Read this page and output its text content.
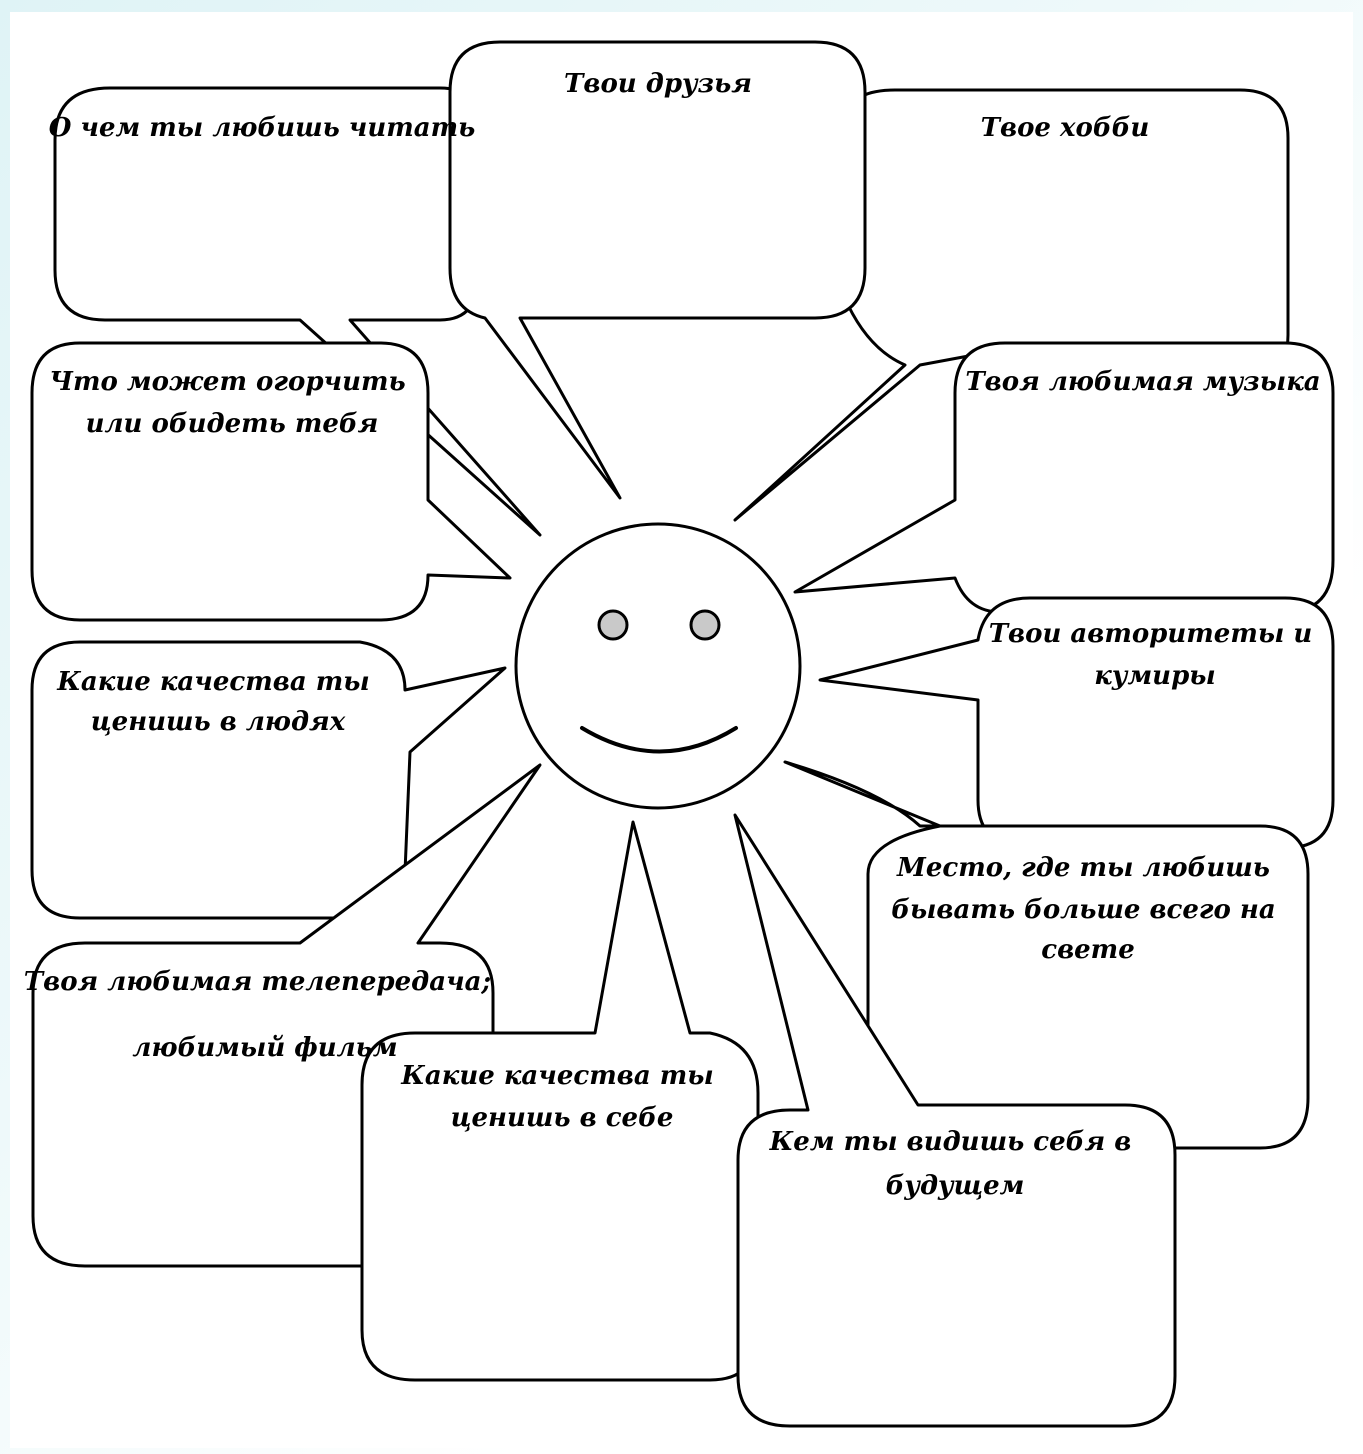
О чем ты любишь читать
Твои друзья
Твое хобби
Что может огорчить или обидеть тебя
Твоя любимая музыка
Какие качества ты ценишь в людях
Твои авторитеты и кумиры
Место, где ты любишь бывать больше всего на свете
Твоя любимая телепередача; любимый фильм
Какие качества ты ценишь в себе
Кем ты видишь себя в будущем
